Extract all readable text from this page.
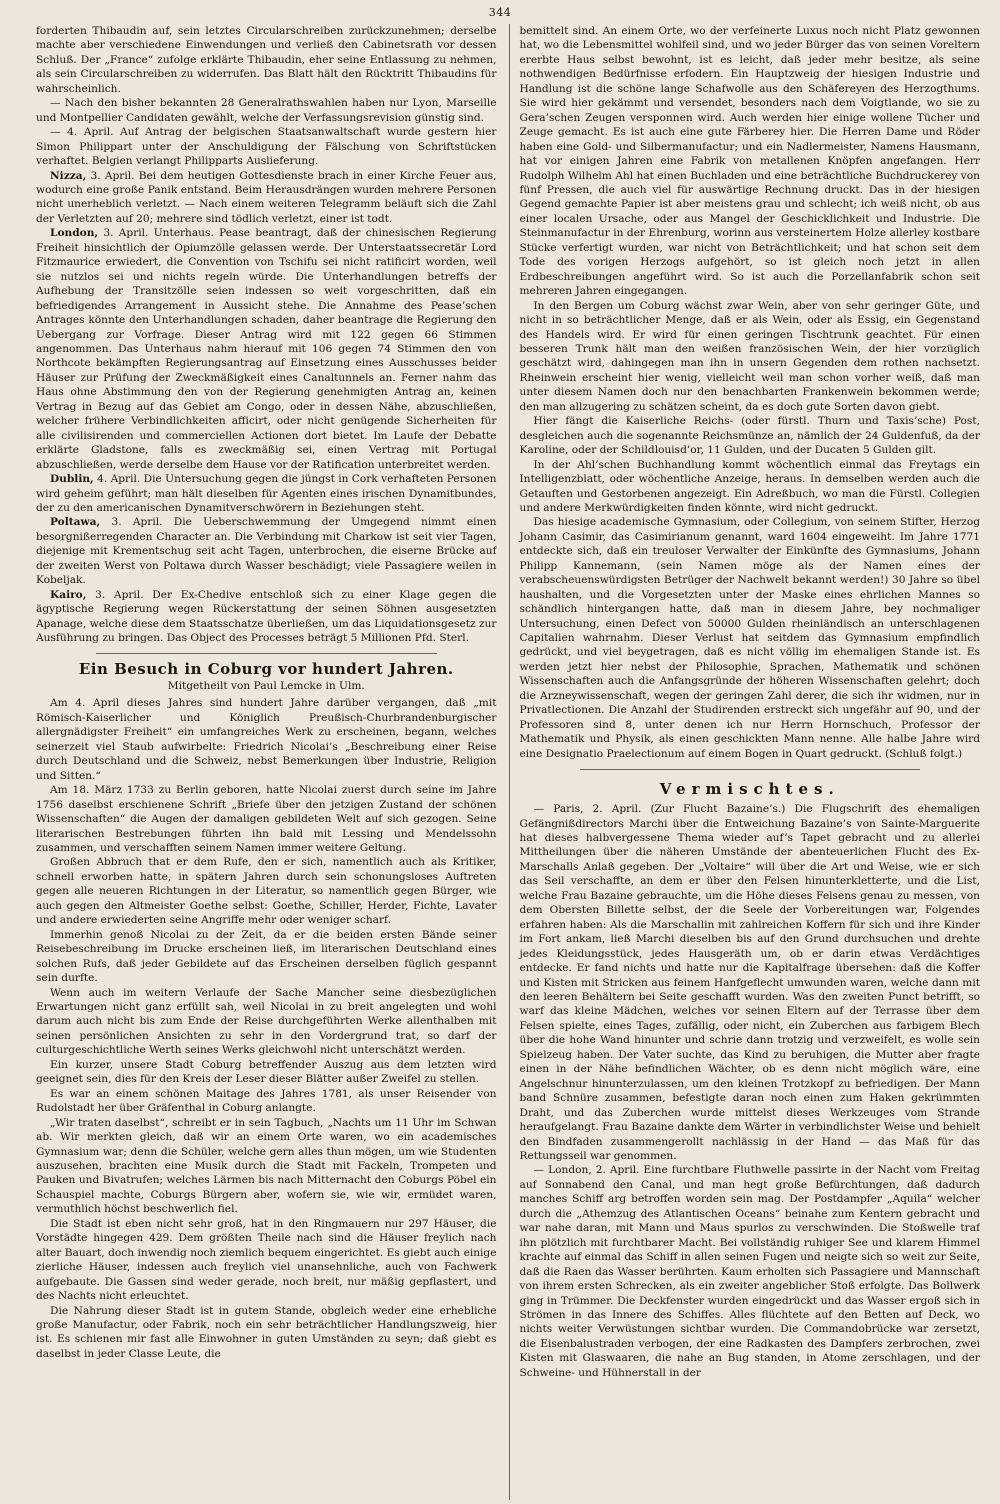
344

forderten Thibaudin auf, sein letztes Circularschreiben zurückzunehmen; derselbe machte aber verschiedene Einwendungen und verließ den Cabinetsrath vor dessen Schluß. Der „France“ zufolge erklärte Thibaudin, eher seine Entlassung zu nehmen, als sein Circularschreiben zu widerrufen. Das Blatt hält den Rücktritt Thibaudins für wahrscheinlich.

— Nach den bisher bekannten 28 Generalrathswahlen haben nur Lyon, Marseille und Montpellier Candidaten gewählt, welche der Verfassungsrevision günstig sind.

— 4. April. Auf Antrag der belgischen Staatsanwaltschaft wurde gestern hier Simon Philippart unter der Anschuldigung der Fälschung von Schriftstücken verhaftet. Belgien verlangt Philipparts Auslieferung.

Nizza, 3. April. Bei dem heutigen Gottesdienste brach in einer Kirche Feuer aus, wodurch eine große Panik entstand. Beim Herausdrängen wurden mehrere Personen nicht unerheblich verletzt. — Nach einem weiteren Telegramm beläuft sich die Zahl der Verletzten auf 20; mehrere sind tödlich verletzt, einer ist todt.

London, 3. April. Unterhaus. Pease beantragt, daß der chinesischen Regierung Freiheit hinsichtlich der Opiumzölle gelassen werde. Der Unterstaatssecretär Lord Fitzmaurice erwiedert, die Convention von Tschifu sei nicht ratificirt worden, weil sie nutzlos sei und nichts regeln würde. Die Unterhandlungen betreffs der Aufhebung der Transitzölle seien indessen so weit vorgeschritten, daß ein befriedigendes Arrangement in Aussicht stehe. Die Annahme des Pease’schen Antrages könnte den Unterhandlungen schaden, daher beantrage die Regierung den Uebergang zur Vorfrage. Dieser Antrag wird mit 122 gegen 66 Stimmen angenommen. Das Unterhaus nahm hierauf mit 106 gegen 74 Stimmen den von Northcote bekämpften Regierungsantrag auf Einsetzung eines Ausschusses beider Häuser zur Prüfung der Zweckmäßigkeit eines Canaltunnels an. Ferner nahm das Haus ohne Abstimmung den von der Regierung genehmigten Antrag an, keinen Vertrag in Bezug auf das Gebiet am Congo, oder in dessen Nähe, abzuschließen, welcher frühere Verbindlichkeiten afficirt, oder nicht genügende Sicherheiten für alle civilisirenden und commerciellen Actionen dort bietet. Im Laufe der Debatte erklärte Gladstone, falls es zweckmäßig sei, einen Vertrag mit Portugal abzuschließen, werde derselbe dem Hause vor der Ratification unterbreitet werden.

Dublin, 4. April. Die Untersuchung gegen die jüngst in Cork verhafteten Personen wird geheim geführt; man hält dieselben für Agenten eines irischen Dynamitbundes, der zu den americanischen Dynamitverschwörern in Beziehungen steht.

Poltawa, 3. April. Die Ueberschwemmung der Umgegend nimmt einen besorgnißerregenden Character an. Die Verbindung mit Charkow ist seit vier Tagen, diejenige mit Krementschug seit acht Tagen, unterbrochen, die eiserne Brücke auf der zweiten Werst von Poltawa durch Wasser beschädigt; viele Passagiere weilen in Kobeljak.

Kairo, 3. April. Der Ex-Chedive entschloß sich zu einer Klage gegen die ägyptische Regierung wegen Rückerstattung der seinen Söhnen ausgesetzten Apanage, welche diese dem Staatsschatze überließen, um das Liquidationsgesetz zur Ausführung zu bringen. Das Object des Processes beträgt 5 Millionen Pfd. Sterl.

Ein Besuch in Coburg vor hundert Jahren.
Mitgetheilt von Paul Lemcke in Ulm.

Am 4. April dieses Jahres sind hundert Jahre darüber vergangen, daß „mit Römisch-Kaiserlicher und Königlich Preußisch-Churbrandenburgischer allergnädigster Freiheit“ ein umfangreiches Werk zu erscheinen, begann, welches seinerzeit viel Staub aufwirbelte: Friedrich Nicolai’s „Beschreibung einer Reise durch Deutschland und die Schweiz, nebst Bemerkungen über Industrie, Religion und Sitten.“

Am 18. März 1733 zu Berlin geboren, hatte Nicolai zuerst durch seine im Jahre 1756 daselbst erschienene Schrift „Briefe über den jetzigen Zustand der schönen Wissenschaften“ die Augen der damaligen gebildeten Welt auf sich gezogen. Seine literarischen Bestrebungen führten ihn bald mit Lessing und Mendelssohn zusammen, und verschafften seinem Namen immer weitere Geltung.

Großen Abbruch that er dem Rufe, den er sich, namentlich auch als Kritiker, schnell erworben hatte, in spätern Jahren durch sein schonungsloses Auftreten gegen alle neueren Richtungen in der Literatur, so namentlich gegen Bürger, wie auch gegen den Altmeister Goethe selbst: Goethe, Schiller, Herder, Fichte, Lavater und andere erwiederten seine Angriffe mehr oder weniger scharf.

Immerhin genoß Nicolai zu der Zeit, da er die beiden ersten Bände seiner Reisebeschreibung im Drucke erscheinen ließ, im literarischen Deutschland eines solchen Rufs, daß jeder Gebildete auf das Erscheinen derselben füglich gespannt sein durfte.

Wenn auch im weitern Verlaufe der Sache Mancher seine diesbezüglichen Erwartungen nicht ganz erfüllt sah, weil Nicolai in zu breit angelegten und wohl darum auch nicht bis zum Ende der Reise durchgeführten Werke allenthalben mit seinen persönlichen Ansichten zu sehr in den Vordergrund trat, so darf der culturgeschichtliche Werth seines Werks gleichwohl nicht unterschätzt werden.

Ein kurzer, unsere Stadt Coburg betreffender Auszug aus dem letzten wird geeignet sein, dies für den Kreis der Leser dieser Blätter außer Zweifel zu stellen.

Es war an einem schönen Maitage des Jahres 1781, als unser Reisender von Rudolstadt her über Gräfenthal in Coburg anlangte.

„Wir traten daselbst“, schreibt er in sein Tagbuch, „Nachts um 11 Uhr im Schwan ab. Wir merkten gleich, daß wir an einem Orte waren, wo ein academisches Gymnasium war; denn die Schüler, welche gern alles thun mögen, um wie Studenten auszusehen, brachten eine Musik durch die Stadt mit Fackeln, Trompeten und Pauken und Bivatrufen; welches Lärmen bis nach Mitternacht den Coburgs Pöbel ein Schauspiel machte, Coburgs Bürgern aber, wofern sie, wie wir, ermüdet waren, vermuthlich höchst beschwerlich fiel.

Die Stadt ist eben nicht sehr groß, hat in den Ringmauern nur 297 Häuser, die Vorstädte hingegen 429. Dem größten Theile nach sind die Häuser freylich nach alter Bauart, doch inwendig noch ziemlich bequem eingerichtet. Es giebt auch einige zierliche Häuser, indessen auch freylich viel unansehnliche, auch von Fachwerk aufgebaute. Die Gassen sind weder gerade, noch breit, nur mäßig gepflastert, und des Nachts nicht erleuchtet.

Die Nahrung dieser Stadt ist in gutem Stande, obgleich weder eine erhebliche große Manufactur, oder Fabrik, noch ein sehr beträchtlicher Handlungszweig, hier ist. Es schienen mir fast alle Einwohner in guten Umständen zu seyn; daß giebt es daselbst in jeder Classe Leute, die

bemittelt sind. An einem Orte, wo der verfeinerte Luxus noch nicht Platz gewonnen hat, wo die Lebensmittel wohlfeil sind, und wo jeder Bürger das von seinen Voreltern ererbte Haus selbst bewohnt, ist es leicht, daß jeder mehr besitze, als seine nothwendigen Bedürfnisse erfodern. Ein Hauptzweig der hiesigen Industrie und Handlung ist die schöne lange Schafwolle aus den Schäfereyen des Herzogthums. Sie wird hier gekämmt und versendet, besonders nach dem Voigtlande, wo sie zu Gera’schen Zeugen versponnen wird. Auch werden hier einige wollene Tücher und Zeuge gemacht. Es ist auch eine gute Färberey hier. Die Herren Dame und Röder haben eine Gold- und Silbermanufactur; und ein Nadlermeister, Namens Hausmann, hat vor einigen Jahren eine Fabrik von metallenen Knöpfen angefangen. Herr Rudolph Wilhelm Ahl hat einen Buchladen und eine beträchtliche Buchdruckerey von fünf Pressen, die auch viel für auswärtige Rechnung druckt. Das in der hiesigen Gegend gemachte Papier ist aber meistens grau und schlecht; ich weiß nicht, ob aus einer localen Ursache, oder aus Mangel der Geschicklichkeit und Industrie. Die Steinmanufactur in der Ehrenburg, worinn aus versteinertem Holze allerley kostbare Stücke verfertigt wurden, war nicht von Beträchtlichkeit; und hat schon seit dem Tode des vorigen Herzogs aufgehört, so ist gleich noch jetzt in allen Erdbeschreibungen angeführt wird. So ist auch die Porzellanfabrik schon seit mehreren Jahren eingegangen.

In den Bergen um Coburg wächst zwar Wein, aber von sehr geringer Güte, und nicht in so beträchtlicher Menge, daß er als Wein, oder als Essig, ein Gegenstand des Handels wird. Er wird für einen geringen Tischtrunk geachtet. Für einen besseren Trunk hält man den weißen französischen Wein, der hier vorzüglich geschätzt wird, dahingegen man ihn in unsern Gegenden dem rothen nachsetzt. Rheinwein erscheint hier wenig, vielleicht weil man schon vorher weiß, daß man unter diesem Namen doch nur den benachbarten Frankenwein bekommen werde; den man allzugering zu schätzen scheint, da es doch gute Sorten davon giebt.

Hier fängt die Kaiserliche Reichs- (oder fürstl. Thurn und Taxis’sche) Post, desgleichen auch die sogenannte Reichsmünze an, nämlich der 24 Guldenfuß, da der Karoline, oder der Schildlouisd’or, 11 Gulden, und der Ducaten 5 Gulden gilt.

In der Ahl’schen Buchhandlung kommt wöchentlich einmal das Freytags ein Intelligenzblatt, oder wöchentliche Anzeige, heraus. In demselben werden auch die Getauften und Gestorbenen angezeigt. Ein Adreßbuch, wo man die Fürstl. Collegien und andere Merkwürdigkeiten finden könnte, wird nicht gedruckt.

Das hiesige academische Gymnasium, oder Collegium, von seinem Stifter, Herzog Johann Casimir, das Casimirianum genannt, ward 1604 eingeweiht. Im Jahre 1771 entdeckte sich, daß ein treuloser Verwalter der Einkünfte des Gymnasiums, Johann Philipp Kannemann, (sein Namen möge als der Namen eines der verabscheuenswürdigsten Betrüger der Nachwelt bekannt werden!) 30 Jahre so übel haushalten, und die Vorgesetzten unter der Maske eines ehrlichen Mannes so schändlich hintergangen hatte, daß man in diesem Jahre, bey nochmaliger Untersuchung, einen Defect von 50000 Gulden rheinländisch an unterschlagenen Capitalien wahrnahm. Dieser Verlust hat seitdem das Gymnasium empfindlich gedrückt, und viel beygetragen, daß es nicht völlig im ehemaligen Stande ist. Es werden jetzt hier nebst der Philosophie, Sprachen, Mathematik und schönen Wissenschaften auch die Anfangsgründe der höheren Wissenschaften gelehrt; doch die Arzneywissenschaft, wegen der geringen Zahl derer, die sich ihr widmen, nur in Privatlectionen. Die Anzahl der Studirenden erstreckt sich ungefähr auf 90, und der Professoren sind 8, unter denen ich nur Herrn Hornschuch, Professor der Mathematik und Physik, als einen geschickten Mann nenne. Alle halbe Jahre wird eine Designatio Praelectionum auf einem Bogen in Quart gedruckt. (Schluß folgt.)

Vermischtes.

— Paris, 2. April. (Zur Flucht Bazaine’s.) Die Flugschrift des ehemaligen Gefängnißdirectors Marchi über die Entweichung Bazaine’s von Sainte-Marguerite hat dieses halbvergessene Thema wieder auf’s Tapet gebracht und zu allerlei Mittheilungen über die näheren Umstände der abenteuerlichen Flucht des Ex-Marschalls Anlaß gegeben. Der „Voltaire“ will über die Art und Weise, wie er sich das Seil verschaffte, an dem er über den Felsen hinunterkletterte, und die List, welche Frau Bazaine gebrauchte, um die Höhe dieses Felsens genau zu messen, von dem Obersten Billette selbst, der die Seele der Vorbereitungen war, Folgendes erfahren haben: Als die Marschallin mit zahlreichen Koffern für sich und ihre Kinder im Fort ankam, ließ Marchi dieselben bis auf den Grund durchsuchen und drehte jedes Kleidungsstück, jedes Hausgeräth um, ob er darin etwas Verdächtiges entdecke. Er fand nichts und hatte nur die Kapitalfrage übersehen: daß die Koffer und Kisten mit Stricken aus feinem Hanfgeflecht umwunden waren, welche dann mit den leeren Behältern bei Seite geschafft wurden. Was den zweiten Punct betrifft, so warf das kleine Mädchen, welches vor seinen Eltern auf der Terrasse über dem Felsen spielte, eines Tages, zufällig, oder nicht, ein Zuberchen aus farbigem Blech über die hohe Wand hinunter und schrie dann trotzig und verzweifelt, es wolle sein Spielzeug haben. Der Vater suchte, das Kind zu beruhigen, die Mutter aber fragte einen in der Nähe befindlichen Wächter, ob es denn nicht möglich wäre, eine Angelschnur hinunterzulassen, um den kleinen Trotzkopf zu befriedigen. Der Mann band Schnüre zusammen, befestigte daran noch einen zum Haken gekrümmten Draht, und das Zuberchen wurde mittelst dieses Werkzeuges vom Strande heraufgelangt. Frau Bazaine dankte dem Wärter in verbindlichster Weise und behielt den Bindfaden zusammengerollt nachlässig in der Hand — das Maß für das Rettungsseil war genommen.

— London, 2. April. Eine furchtbare Fluthwelle passirte in der Nacht vom Freitag auf Sonnabend den Canal, und man hegt große Befürchtungen, daß dadurch manches Schiff arg betroffen worden sein mag. Der Postdampfer „Aquila“ welcher durch die „Athemzug des Atlantischen Oceans“ beinahe zum Kentern gebracht und war nahe daran, mit Mann und Maus spurlos zu verschwinden. Die Stoßwelle traf ihn plötzlich mit furchtbarer Macht. Bei vollständig ruhiger See und klarem Himmel krachte auf einmal das Schiff in allen seinen Fugen und neigte sich so weit zur Seite, daß die Raen das Wasser berührten. Kaum erholten sich Passagiere und Mannschaft von ihrem ersten Schrecken, als ein zweiter angeblicher Stoß erfolgte. Das Bollwerk ging in Trümmer. Die Deckfenster wurden eingedrückt und das Wasser ergoß sich in Strömen in das Innere des Schiffes. Alles flüchtete auf den Betten auf Deck, wo nichts weiter Verwüstungen sichtbar wurden. Die Commandobrücke war zersetzt, die Eisenbalustraden verbogen, der eine Radkasten des Dampfers zerbrochen, zwei Kisten mit Glaswaaren, die nahe an Bug standen, in Atome zerschlagen, und der Schweine- und Hühnerstall in der
